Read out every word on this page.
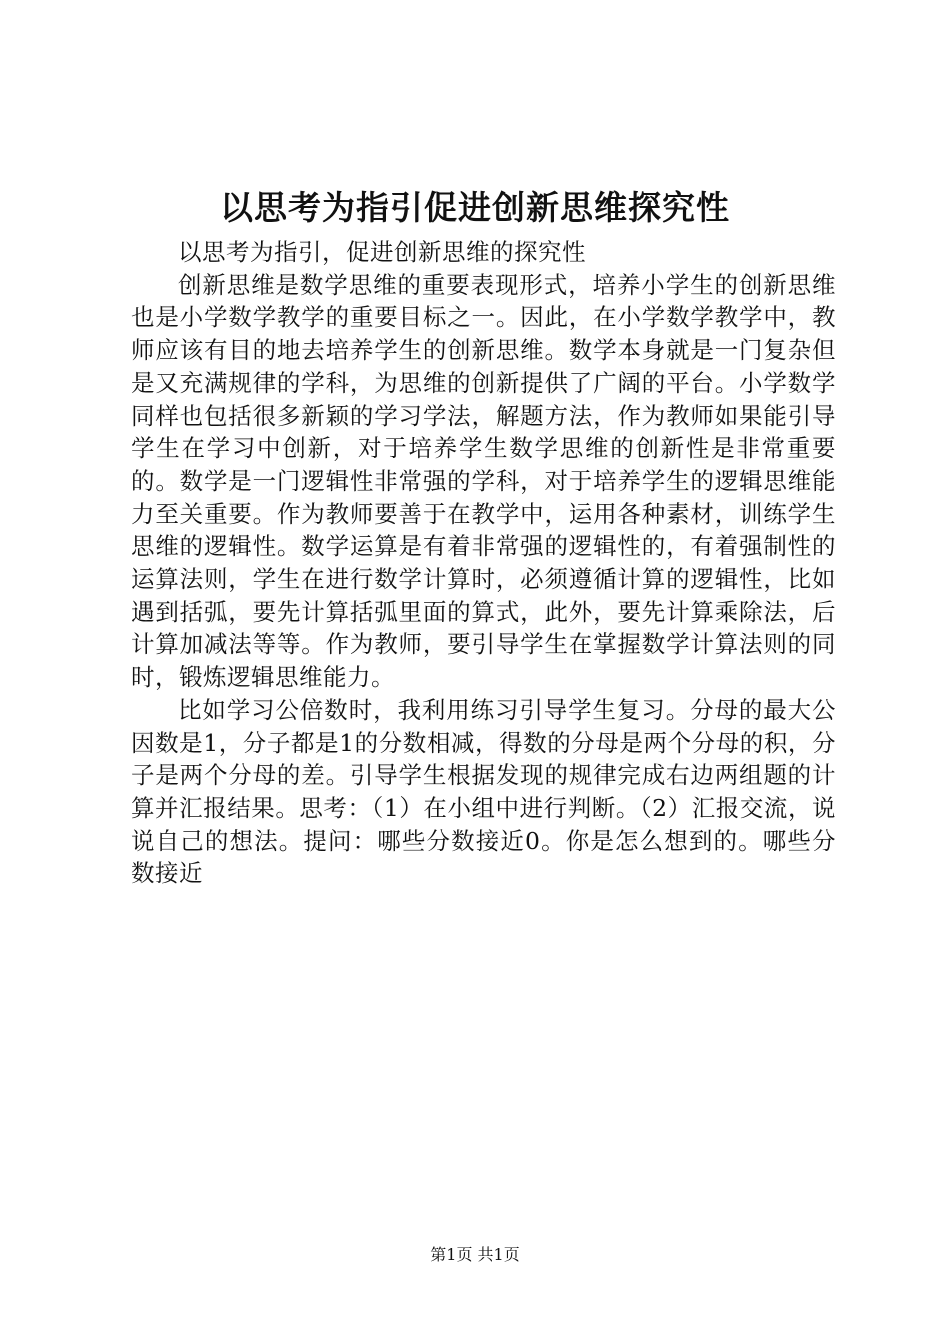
以思考为指引促进创新思维探究性

以思考为指引，促进创新思维的探究性

创新思维是数学思维的重要表现形式，培养小学生的创新思维也是小学数学教学的重要目标之一。因此，在小学数学教学中，教师应该有目的地去培养学生的创新思维。数学本身就是一门复杂但是又充满规律的学科，为思维的创新提供了广阔的平台。小学数学同样也包括很多新颖的学习学法，解题方法，作为教师如果能引导学生在学习中创新，对于培养学生数学思维的创新性是非常重要的。数学是一门逻辑性非常强的学科，对于培养学生的逻辑思维能力至关重要。作为教师要善于在教学中，运用各种素材，训练学生思维的逻辑性。数学运算是有着非常强的逻辑性的，有着强制性的运算法则，学生在进行数学计算时，必须遵循计算的逻辑性，比如遇到括弧，要先计算括弧里面的算式，此外，要先计算乘除法，后计算加减法等等。作为教师，要引导学生在掌握数学计算法则的同时，锻炼逻辑思维能力。

比如学习公倍数时，我利用练习引导学生复习。分母的最大公因数是1，分子都是1的分数相减，得数的分母是两个分母的积，分子是两个分母的差。引导学生根据发现的规律完成右边两组题的计算并汇报结果。思考：（1）在小组中进行判断。（2）汇报交流，说说自己的想法。提问：哪些分数接近0。你是怎么想到的。哪些分数接近

第1页 共1页
